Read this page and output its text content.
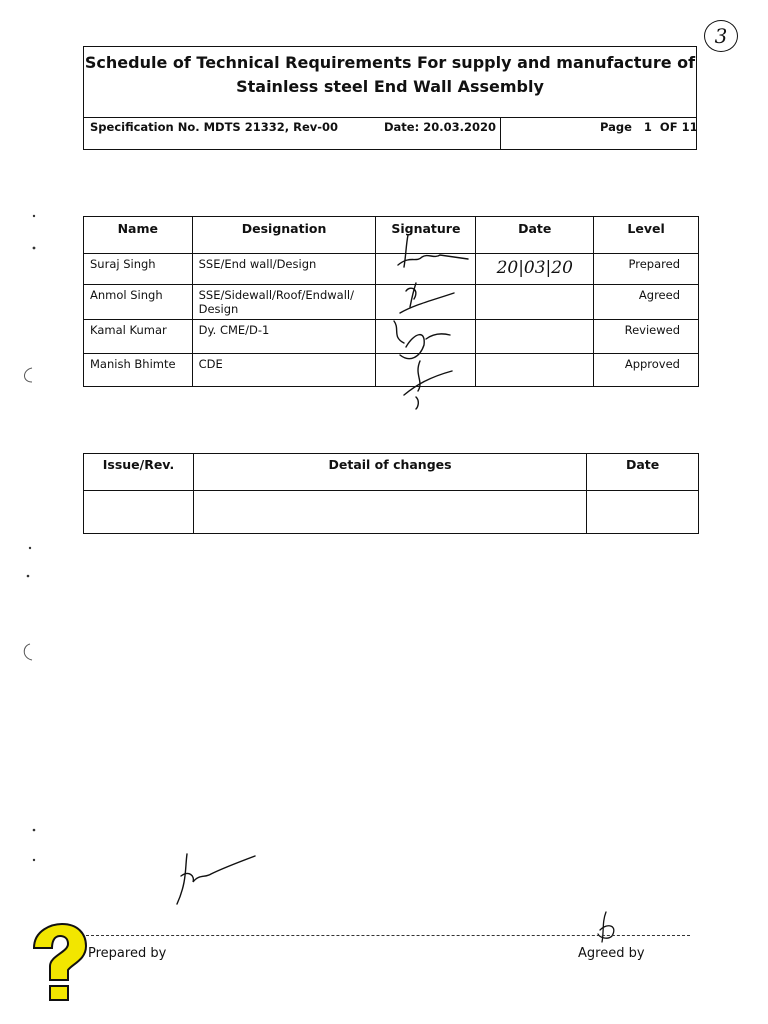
3
Schedule of Technical Requirements For supply and manufacture of
Stainless steel End Wall Assembly
Specification No. MDTS 21332, Rev-00	Date: 20.03.2020	Page   1  OF 11
Name	Designation	Signature	Date	Level
Suraj Singh	SSE/End wall/Design		20|03|20	Prepared
Anmol Singh	SSE/Sidewall/Roof/Endwall/ Design			Agreed
Kamal Kumar	Dy. CME/D-1			Reviewed
Manish Bhimte	CDE			Approved
Issue/Rev.	Detail of changes	Date

Prepared by	Agreed by
